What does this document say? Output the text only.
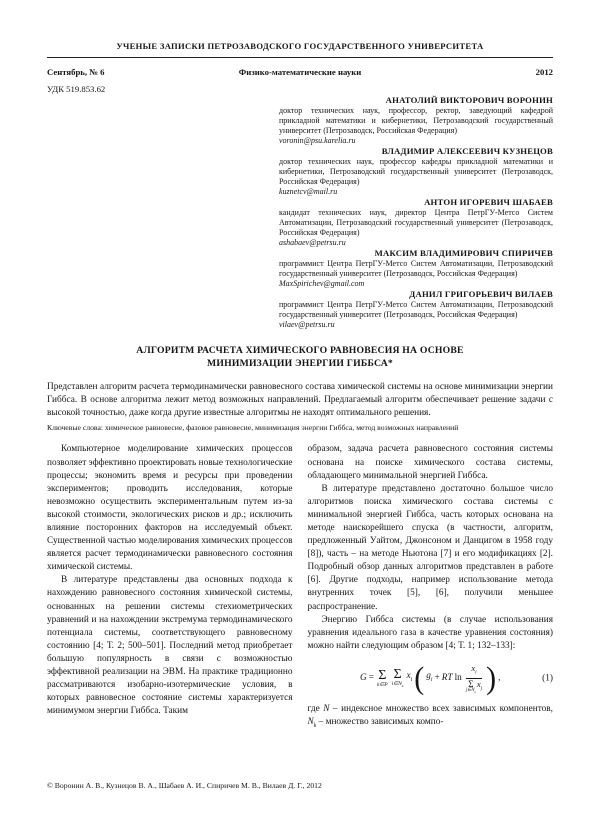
УЧЕНЫЕ ЗАПИСКИ ПЕТРОЗАВОДСКОГО ГОСУДАРСТВЕННОГО УНИВЕРСИТЕТА
Сентябрь, № 6	Физико-математические науки	2012
УДК 519.853.62
АНАТОЛИЙ ВИКТОРОВИЧ ВОРОНИН
доктор технических наук, профессор, ректор, заведующий кафедрой прикладной математики и кибернетики, Петрозаводский государственный университет (Петрозаводск, Российская Федерация)
voronin@psu.karelia.ru
ВЛАДИМИР АЛЕКСЕЕВИЧ КУЗНЕЦОВ
доктор технических наук, профессор кафедры прикладной математики и кибернетики, Петрозаводский государственный университет (Петрозаводск, Российская Федерация)
kuznetcv@mail.ru
АНТОН ИГОРЕВИЧ ШАБАЕВ
кандидат технических наук, директор Центра ПетрГУ-Метсо Систем Автоматизации, Петрозаводский государственный университет (Петрозаводск, Российская Федерация)
ashabaev@petrsu.ru
МАКСИМ ВЛАДИМИРОВИЧ СПИРИЧЕВ
программист Центра ПетрГУ-Метсо Систем Автоматизации, Петрозаводский государственный университет (Петрозаводск, Российская Федерация)
MaxSpirichev@gmail.com
ДАНИЛ ГРИГОРЬЕВИЧ ВИЛАЕВ
программист Центра ПетрГУ-Метсо Систем Автоматизации, Петрозаводский государственный университет (Петрозаводск, Российская Федерация)
vilaev@petrsu.ru
АЛГОРИТМ РАСЧЕТА ХИМИЧЕСКОГО РАВНОВЕСИЯ НА ОСНОВЕ
МИНИМИЗАЦИИ ЭНЕРГИИ ГИББСА*
Представлен алгоритм расчета термодинамически равновесного состава химической системы на основе минимизации энергии Гиббса. В основе алгоритма лежит метод возможных направлений. Предлагаемый алгоритм обеспечивает решение задачи с высокой точностью, даже когда другие известные алгоритмы не находят оптимального решения.
Ключевые слова: химическое равновесие, фазовое равновесие, минимизация энергии Гиббса, метод возможных направлений

Компьютерное моделирование химических процессов позволяет эффективно проектировать новые технологические процессы; экономить время и ресурсы при проведении экспериментов; проводить исследования, которые невозможно осуществить экспериментальным путем из-за высокой стоимости, экологических рисков и др.; исключить влияние посторонних факторов на исследуемый объект. Существенной частью моделирования химических процессов является расчет термодинамически равновесного состояния химической системы.

В литературе представлены два основных подхода к нахождению равновесного состояния химической системы, основанных на решении системы стехиометрических уравнений и на нахождении экстремума термодинамического потенциала системы, соответствующего равновесному состоянию [4; Т. 2; 500–501]. Последний метод приобретает большую популярность в связи с возможностью эффективной реализации на ЭВМ. На практике традиционно рассматриваются изобарно-изотермические условия, в которых равновесное состояние системы характеризуется минимумом энергии Гиббса. Таким

образом, задача расчета равновесного состояния системы основана на поиске химического состава системы, обладающего минимальной энергией Гиббса.

В литературе представлено достаточно большое число алгоритмов поиска химического состава системы с минимальной энергией Гиббса, часть которых основана на методе наискорейшего спуска (в частности, алгоритм, предложенный Уайтом, Джонсоном и Данцигом в 1958 году [8]), часть – на методе Ньютона [7] и его модификациях [2]. Подробный обзор данных алгоритмов представлен в работе [6]. Другие подходы, например использование метода внутренних точек [5], [6], получили меньшее распространение.

Энергию Гиббса системы (в случае использования уравнения идеального газа в качестве уравнения состояния) можно найти следующим образом [4; Т. 1; 132–133]:

G = Σ
k∈P
Σ
$i\in N_k$
$x_i$ ( $g_i$ + RT $\ln x_i$
Σ
$j\in N_k$
$x_j$ ) ,	(1)

где N – индексное множество всех зависимых компонентов, $N_k$ – множество зависимых компо-

© Воронин А. В., Кузнецов В. А., Шабаев А. И., Спиричев М. В., Вилаев Д. Г., 2012
